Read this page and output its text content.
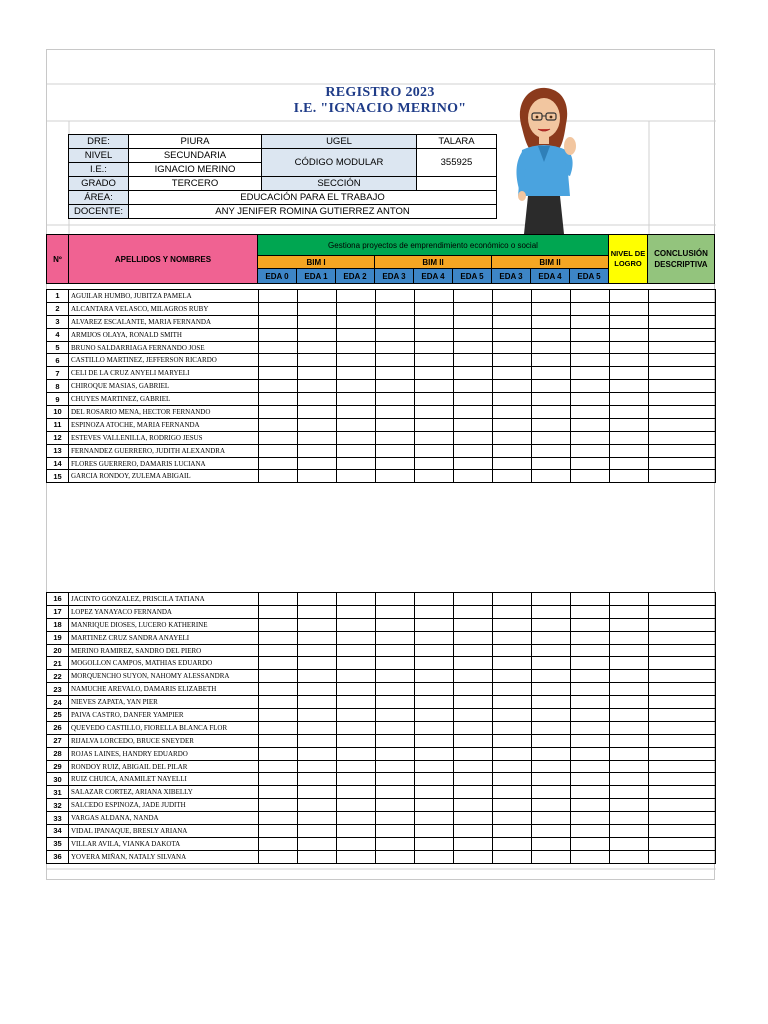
REGISTRO 2023
I.E. "IGNACIO MERINO"
DRE:	PIURA	UGEL	TALARA
NIVEL	SECUNDARIA	CÓDIGO MODULAR	355925
I.E.:	IGNACIO MERINO		
GRADO	TERCERO	SECCIÓN	
ÁREA:	EDUCACIÓN PARA EL TRABAJO		
DOCENTE:	ANY JENIFER ROMINA GUTIERREZ ANTON		
Nº	APELLIDOS Y NOMBRES	Gestiona proyectos de emprendimiento económico o social									NIVEL DE LOGRO	CONCLUSIÓN DESCRIPTIVA
		BIM I			BIM II			BIM II				
		EDA 0	EDA 1	EDA 2	EDA 3	EDA 4	EDA 5	EDA 3	EDA 4	EDA 5		
1	AGUILAR HUMBO, JUBITZA PAMELA											
2	ALCANTARA VELASCO, MILAGROS RUBY											
3	ALVAREZ ESCALANTE, MARIA FERNANDA											
4	ARMIJOS OLAYA, RONALD SMITH											
5	BRUNO SALDARRIAGA FERNANDO JOSE											
6	CASTILLO MARTINEZ, JEFFERSON RICARDO											
7	CELI DE LA CRUZ ANYELI MARYELI											
8	CHIROQUE MASIAS, GABRIEL											
9	CHUYES MARTINEZ, GABRIEL											
10	DEL ROSARIO MENA, HECTOR FERNANDO											
11	ESPINOZA ATOCHE, MARIA FERNANDA											
12	ESTEVES VALLENILLA, RODRIGO JESUS											
13	FERNANDEZ GUERRERO, JUDITH ALEXANDRA											
14	FLORES GUERRERO, DAMARIS LUCIANA											
15	GARCIA RONDOY, ZULEMA ABIGAIL											
16	JACINTO GONZALEZ, PRISCILA TATIANA											
17	LOPEZ YANAYACO FERNANDA											
18	MANRIQUE DIOSES, LUCERO KATHERINE											
19	MARTINEZ CRUZ SANDRA ANAYELI											
20	MERINO RAMIREZ, SANDRO DEL PIERO											
21	MOGOLLON CAMPOS, MATHIAS EDUARDO											
22	MORQUENCHO SUYON, NAHOMY ALESSANDRA											
23	NAMUCHE AREVALO, DAMARIS ELIZABETH											
24	NIEVES ZAPATA, YAN PIER											
25	PAIVA CASTRO, DANFER YAMPIER											
26	QUEVEDO CASTILLO, FIORELLA BLANCA FLOR											
27	RIJALVA LORCEDO, BRUCE SNEYDER											
28	ROJAS LAINES, HANDRY EDUARDO											
29	RONDOY RUIZ, ABIGAIL DEL PILAR											
30	RUIZ CHUICA, ANAMILET NAYELLI											
31	SALAZAR CORTEZ, ARIANA XIBELLY											
32	SALCEDO ESPINOZA, JADE JUDITH											
33	VARGAS ALDANA, NANDA											
34	VIDAL IPANAQUE, BRESLY ARIANA											
35	VILLAR AVILA, VIANKA DAKOTA											
36	YOVERA MIÑAN, NATALY SILVANA											
